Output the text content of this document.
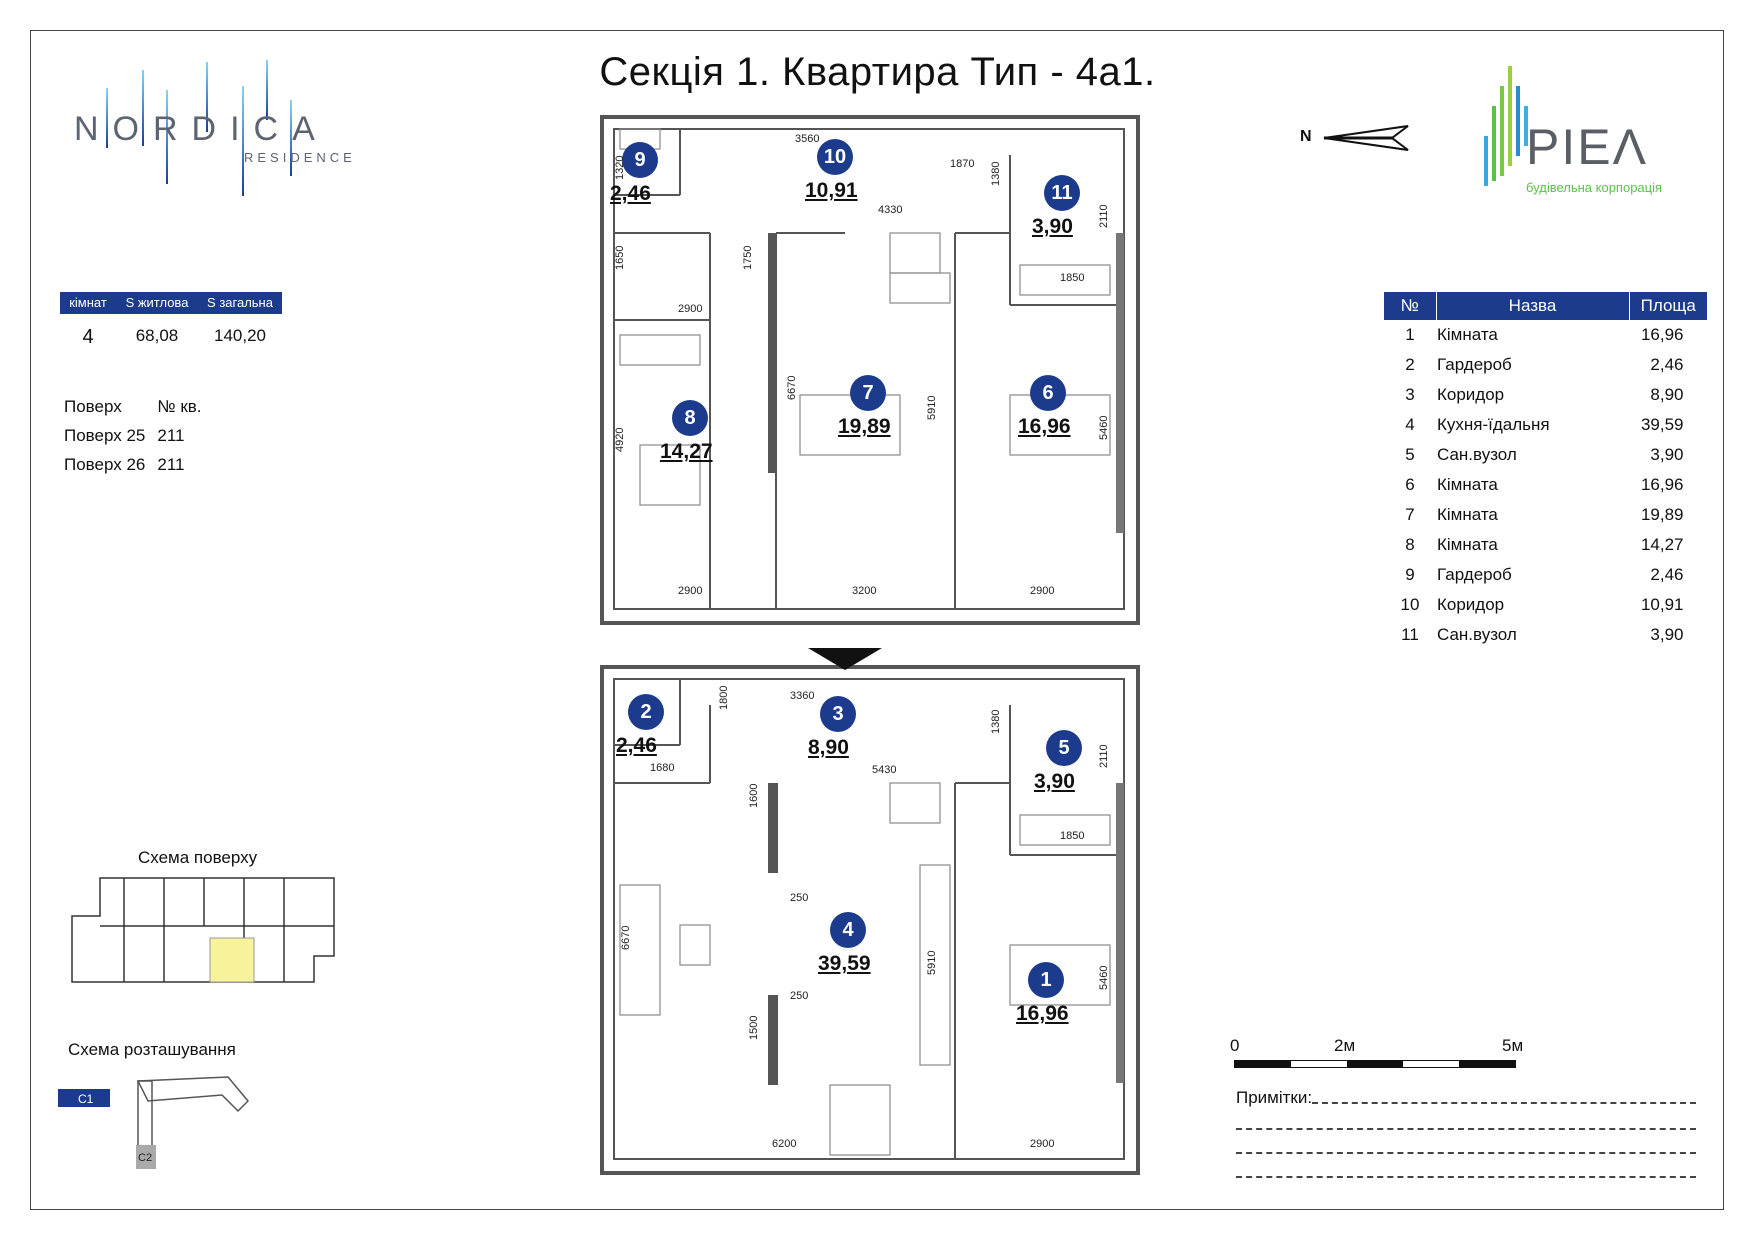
Секція 1. Квартира Тип - 4а1.
NORDICA
RESIDENCE	PIEΛ
будівельна корпорація
N
кімнат	S житлова	S загальна
4	68,08	140,20
Поверх	№ кв.
Поверх 25	211
Поверх 26	211
№	Назва	Площа
1	Кімната	16,96
2	Гардероб	2,46
3	Коридор	8,90
4	Кухня-їдальня	39,59
5	Сан.вузол	3,90
6	Кімната	16,96
7	Кімната	19,89
8	Кімната	14,27
9	Гардероб	2,46
10	Коридор	10,91
11	Сан.вузол	3,90
9
2,46
10
10,91	11
3,90
8
14,27
7
19,89
6
16,96
2
2,46
3
8,90	5
3,90
4
39,59
1
16,96
3560
1870
4330
1320	1380
2110
1850
1650
2900
1750
6670
5910
5460
4920
2900	3200	2900
3360
1800
1680	5430
1380
2110
1850
1600
250
6670
250
5910
5460
1500
6200	2900
Схема поверху
Схема розташування
C1
C2
0	2м	5м
Примітки:
